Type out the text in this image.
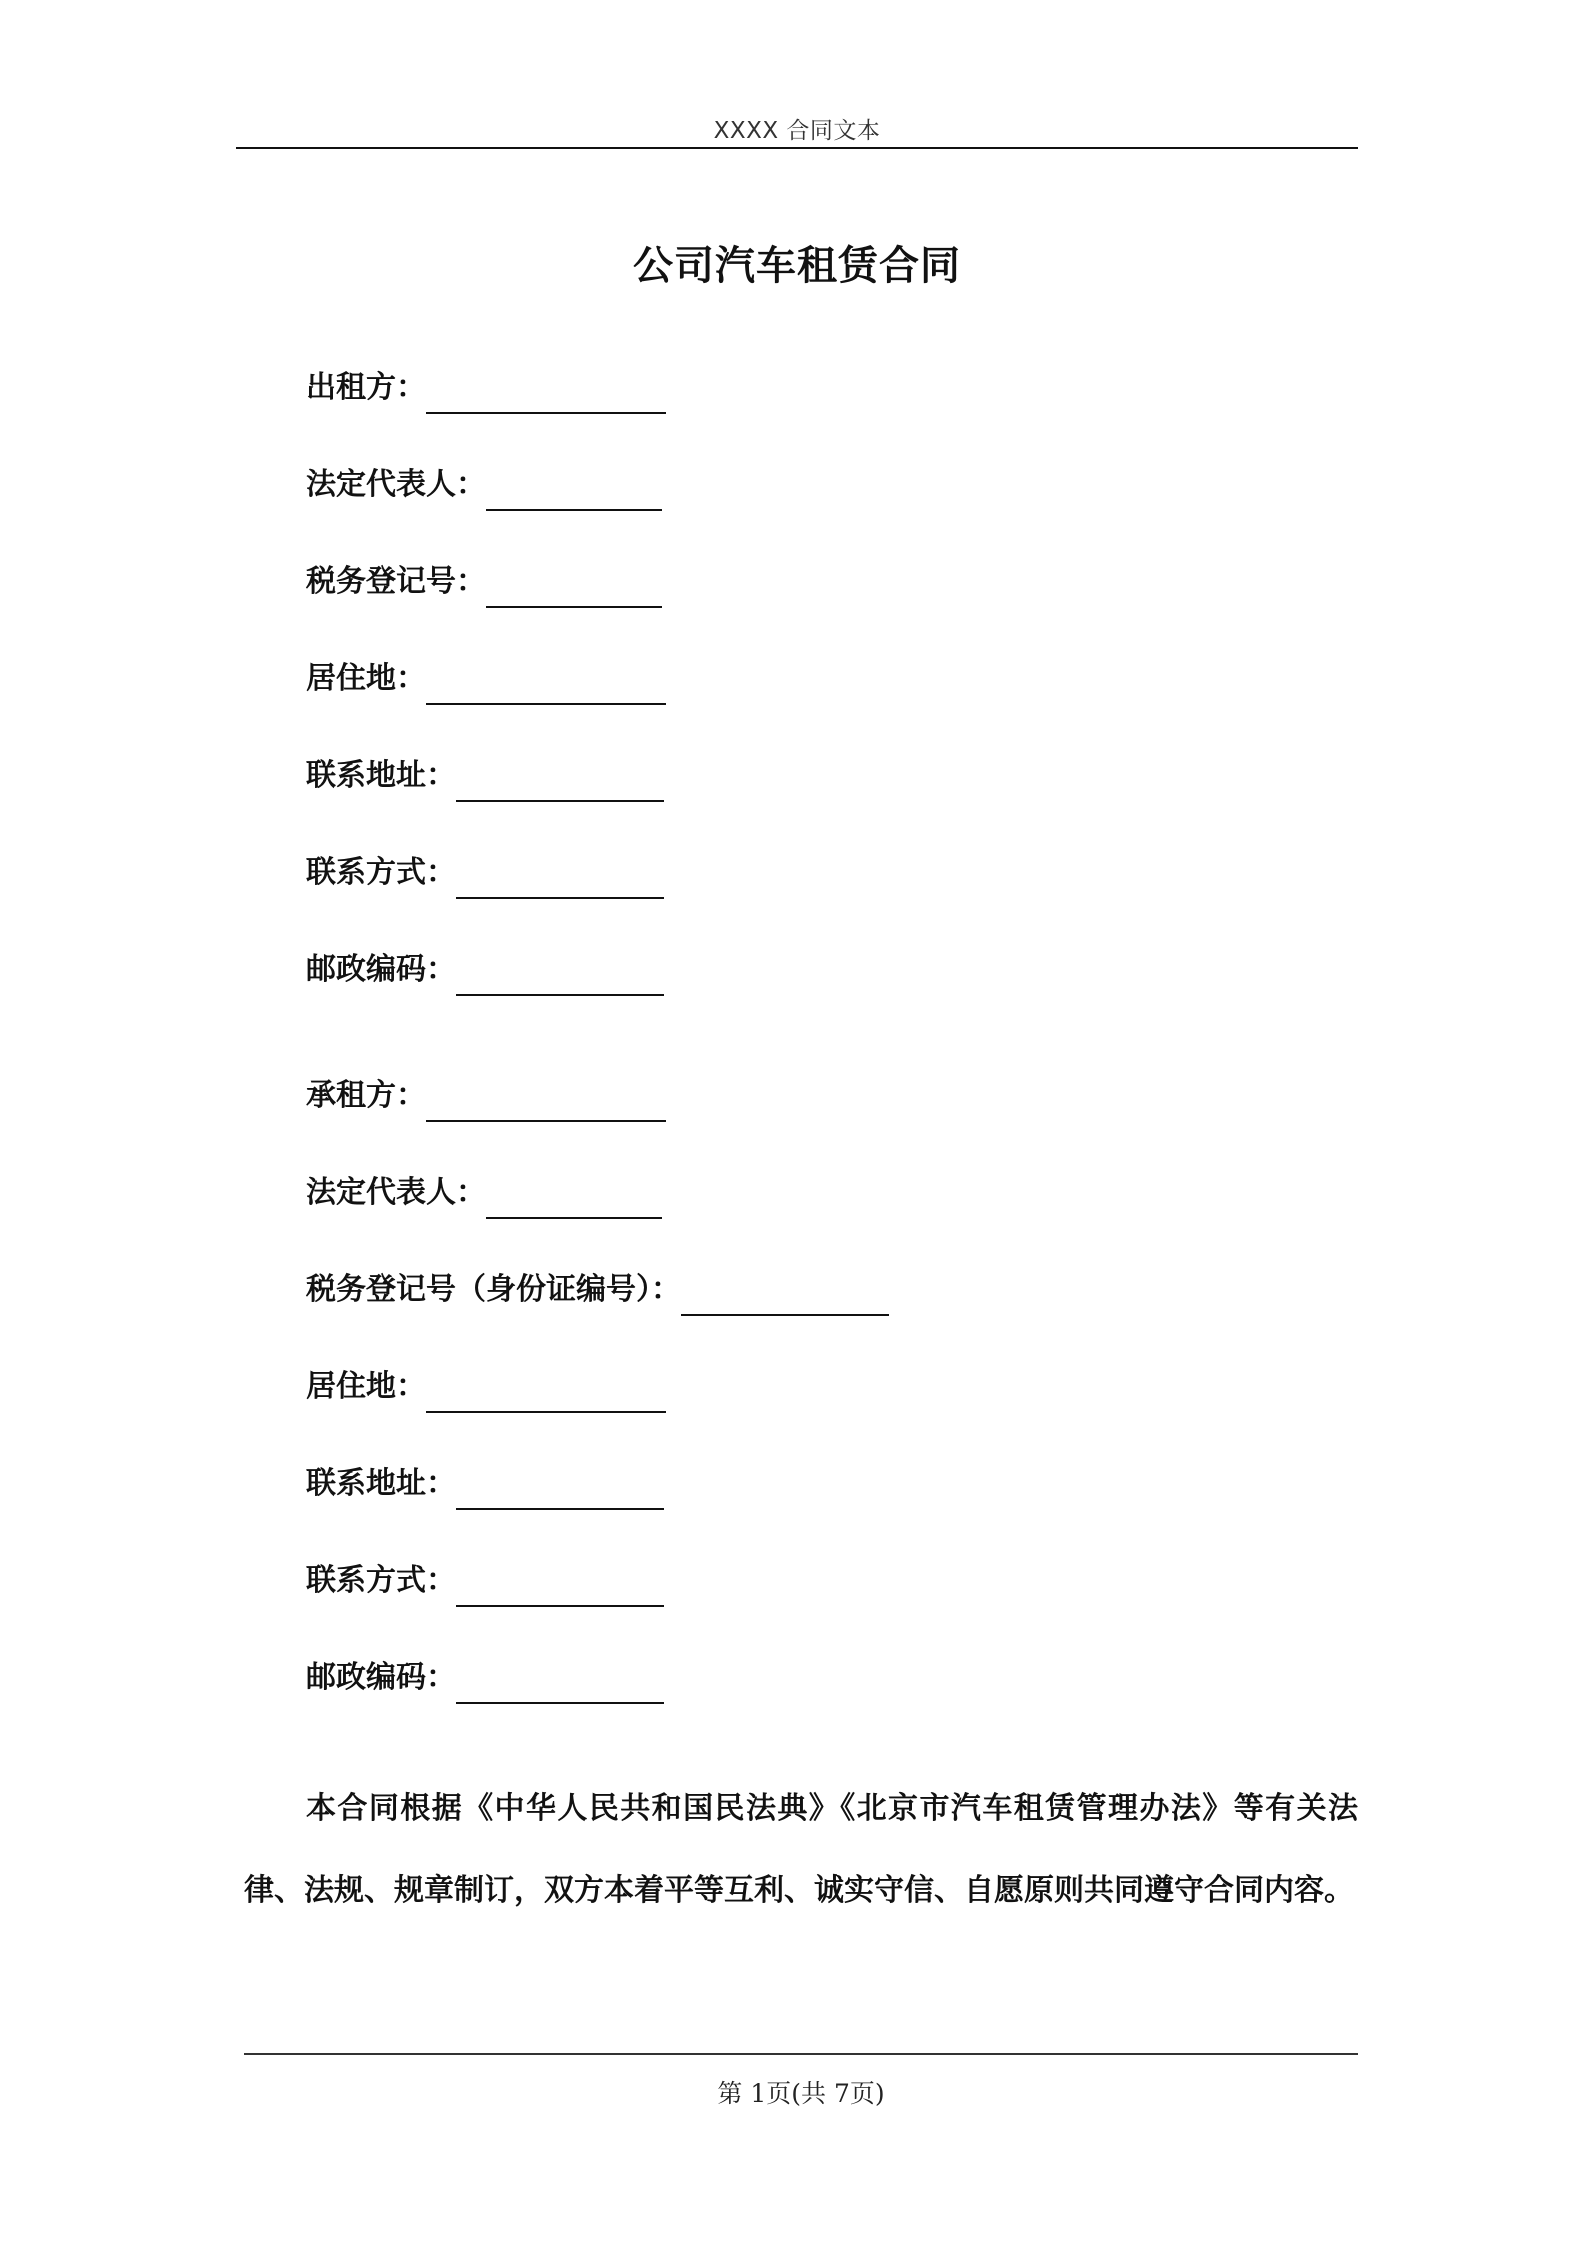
XXXX 合同文本
公司汽车租赁合同
出租方：
法定代表人：
税务登记号：
居住地：
联系地址：
联系方式：
邮政编码：
承租方：
法定代表人：
税务登记号（身份证编号）：
居住地：
联系地址：
联系方式：
邮政编码：
本合同根据《中华人民共和国民法典》《北京市汽车租赁管理办法》等有关法律、法规、规章制订，双方本着平等互利、诚实守信、自愿原则共同遵守合同内容。
第 1页(共 7页)
